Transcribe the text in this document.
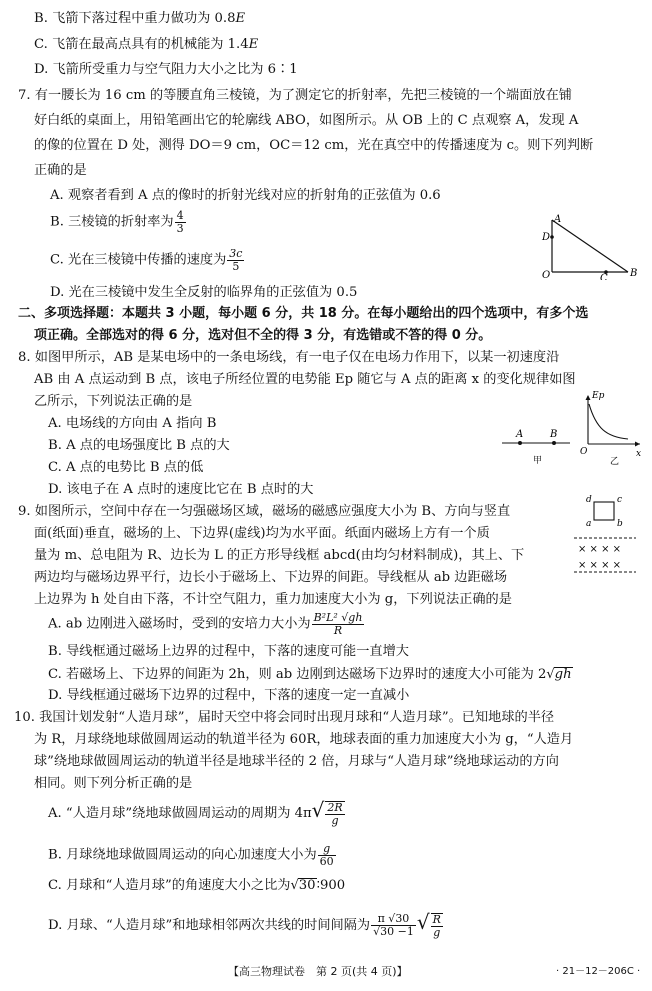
B. 飞箭下落过程中重力做功为 0.8E
C. 飞箭在最高点具有的机械能为 1.4E
D. 飞箭所受重力与空气阻力大小之比为 6∶1
7. 有一腰长为 16 cm 的等腰直角三棱镜，为了测定它的折射率，先把三棱镜的一个端面放在铺
好白纸的桌面上，用铅笔画出它的轮廓线 ABO，如图所示。从 OB 上的 C 点观察 A，发现 A
的像的位置在 D 处，测得 DO＝9 cm，OC＝12 cm，光在真空中的传播速度为 c。则下列判断
正确的是
A. 观察者看到 A 点的像时的折射光线对应的折射角的正弦值为 0.6
B. 三棱镜的折射率为 $\frac{4}{3}$
C. 光在三棱镜中传播的速度为 $\frac{3c}{5}$
D. 光在三棱镜中发生全反射的临界角的正弦值为 0.5
A
D
O	C B
二、多项选择题：本题共 3 小题，每小题 6 分，共 18 分。在每小题给出的四个选项中，有多个选
项正确。全部选对的得 6 分，选对但不全的得 3 分，有选错或不答的得 0 分。
8. 如图甲所示，AB 是某电场中的一条电场线，有一电子仅在电场力作用下，以某一初速度沿
AB 由 A 点运动到 B 点，该电子所经位置的电势能 Ep 随它与 A 点的距离 x 的变化规律如图
乙所示，下列说法正确的是
A. 电场线的方向由 A 指向 B
B. A 点的电场强度比 B 点的大
C. A 点的电势比 B 点的低
D. 该电子在 A 点时的速度比它在 B 点时的大
A	B
甲
Ep
O	x
乙
9. 如图所示，空间中存在一匀强磁场区域，磁场的磁感应强度大小为 B、方向与竖直
面(纸面)垂直，磁场的上、下边界(虚线)均为水平面。纸面内磁场上方有一个质
量为 m、总电阻为 R、边长为 L 的正方形导线框 abcd(由均匀材料制成)，其上、下
两边均与磁场边界平行，边长小于磁场上、下边界的间距。导线框从 ab 边距磁场
上边界为 h 处自由下落，不计空气阻力，重力加速度大小为 g，下列说法正确的是
A. ab 边刚进入磁场时，受到的安培力大小为 $\frac{\text{B²L² √gh}}{R}$
B. 导线框通过磁场上边界的过程中，下落的速度可能一直增大
C. 若磁场上、下边界的间距为 2h，则 ab 边刚到达磁场下边界时的速度大小可能为 2√gh
D. 导线框通过磁场下边界的过程中，下落的速度一定一直减小
d	c
a	b
× × × ×
× × × ×
10. 我国计划发射“人造月球”，届时天空中将会同时出现月球和“人造月球”。已知地球的半径
为 R，月球绕地球做圆周运动的轨道半径为 60R，地球表面的重力加速度大小为 g，“人造月
球”绕地球做圆周运动的轨道半径是地球半径的 2 倍，月球与“人造月球”绕地球运动的方向
相同。则下列分析正确的是
A. “人造月球”绕地球做圆周运动的周期为 $4\pi√ \frac{2R}{g}$
B. 月球绕地球做圆周运动的向心加速度大小为 $\frac{g}{60}$
C. 月球和“人造月球”的角速度大小之比为√30∶900
D. 月球、“人造月球”和地球相邻两次共线的时间间隔为 $\frac{\pi √30}{√30 -1}$ √ $\frac{R}{g}$
【高三物理试卷　第 2 页(共 4 页)】	· 21－12－206C ·
